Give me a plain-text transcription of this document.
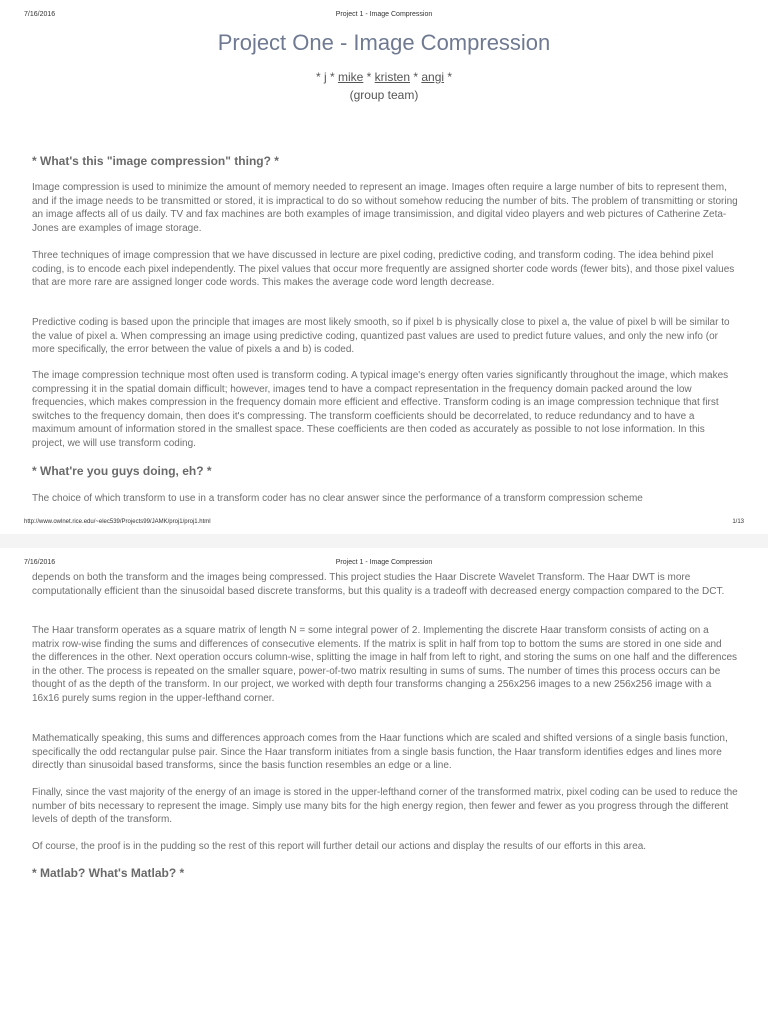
7/16/2016	Project 1 - Image Compression
Project One - Image Compression
* j * mike * kristen * angi *
(group team)
* What's this "image compression" thing? *

Image compression is used to minimize the amount of memory needed to represent an image. Images often require a large number of bits to represent them, and if the image needs to be transmitted or stored, it is impractical to do so without somehow reducing the number of bits. The problem of transmitting or storing an image affects all of us daily. TV and fax machines are both examples of image transimission, and digital video players and web pictures of Catherine Zeta-Jones are examples of image storage.

Three techniques of image compression that we have discussed in lecture are pixel coding, predictive coding, and transform coding. The idea behind pixel coding, is to encode each pixel independently. The pixel values that occur more frequently are assigned shorter code words (fewer bits), and those pixel values that are more rare are assigned longer code words. This makes the average code word length decrease.

Predictive coding is based upon the principle that images are most likely smooth, so if pixel b is physically close to pixel a, the value of pixel b will be similar to the value of pixel a. When compressing an image using predictive coding, quantized past values are used to predict future values, and only the new info (or more specifically, the error between the value of pixels a and b) is coded.

The image compression technique most often used is transform coding. A typical image's energy often varies significantly throughout the image, which makes compressing it in the spatial domain difficult; however, images tend to have a compact representation in the frequency domain packed around the low frequencies, which makes compression in the frequency domain more efficient and effective. Transform coding is an image compression technique that first switches to the frequency domain, then does it's compressing. The transform coefficients should be decorrelated, to reduce redundancy and to have a maximum amount of information stored in the smallest space. These coefficients are then coded as accurately as possible to not lose information. In this project, we will use transform coding.

* What're you guys doing, eh? *

The choice of which transform to use in a transform coder has no clear answer since the performance of a transform compression scheme

http://www.owlnet.rice.edu/~elec539/Projects99/JAMK/proj1/proj1.html	1/13
7/16/2016	Project 1 - Image Compression

depends on both the transform and the images being compressed. This project studies the Haar Discrete Wavelet Transform. The Haar DWT is more computationally efficient than the sinusoidal based discrete transforms, but this quality is a tradeoff with decreased energy compaction compared to the DCT.

The Haar transform operates as a square matrix of length N = some integral power of 2. Implementing the discrete Haar transform consists of acting on a matrix row-wise finding the sums and differences of consecutive elements. If the matrix is split in half from top to bottom the sums are stored in one side and the differences in the other. Next operation occurs column-wise, splitting the image in half from left to right, and storing the sums on one half and the differences in the other. The process is repeated on the smaller square, power-of-two matrix resulting in sums of sums. The number of times this process occurs can be thought of as the depth of the transform. In our project, we worked with depth four transforms changing a 256x256 images to a new 256x256 image with a 16x16 purely sums region in the upper-lefthand corner.

Mathematically speaking, this sums and differences approach comes from the Haar functions which are scaled and shifted versions of a single basis function, specifically the odd rectangular pulse pair. Since the Haar transform initiates from a single basis function, the Haar transform identifies edges and lines more directly than sinusoidal based transforms, since the basis function resembles an edge or a line.

Finally, since the vast majority of the energy of an image is stored in the upper-lefthand corner of the transformed matrix, pixel coding can be used to reduce the number of bits necessary to represent the image. Simply use many bits for the high energy region, then fewer and fewer as you progress through the different levels of depth of the transform.

Of course, the proof is in the pudding so the rest of this report will further detail our actions and display the results of our efforts in this area.

* Matlab? What's Matlab? *
